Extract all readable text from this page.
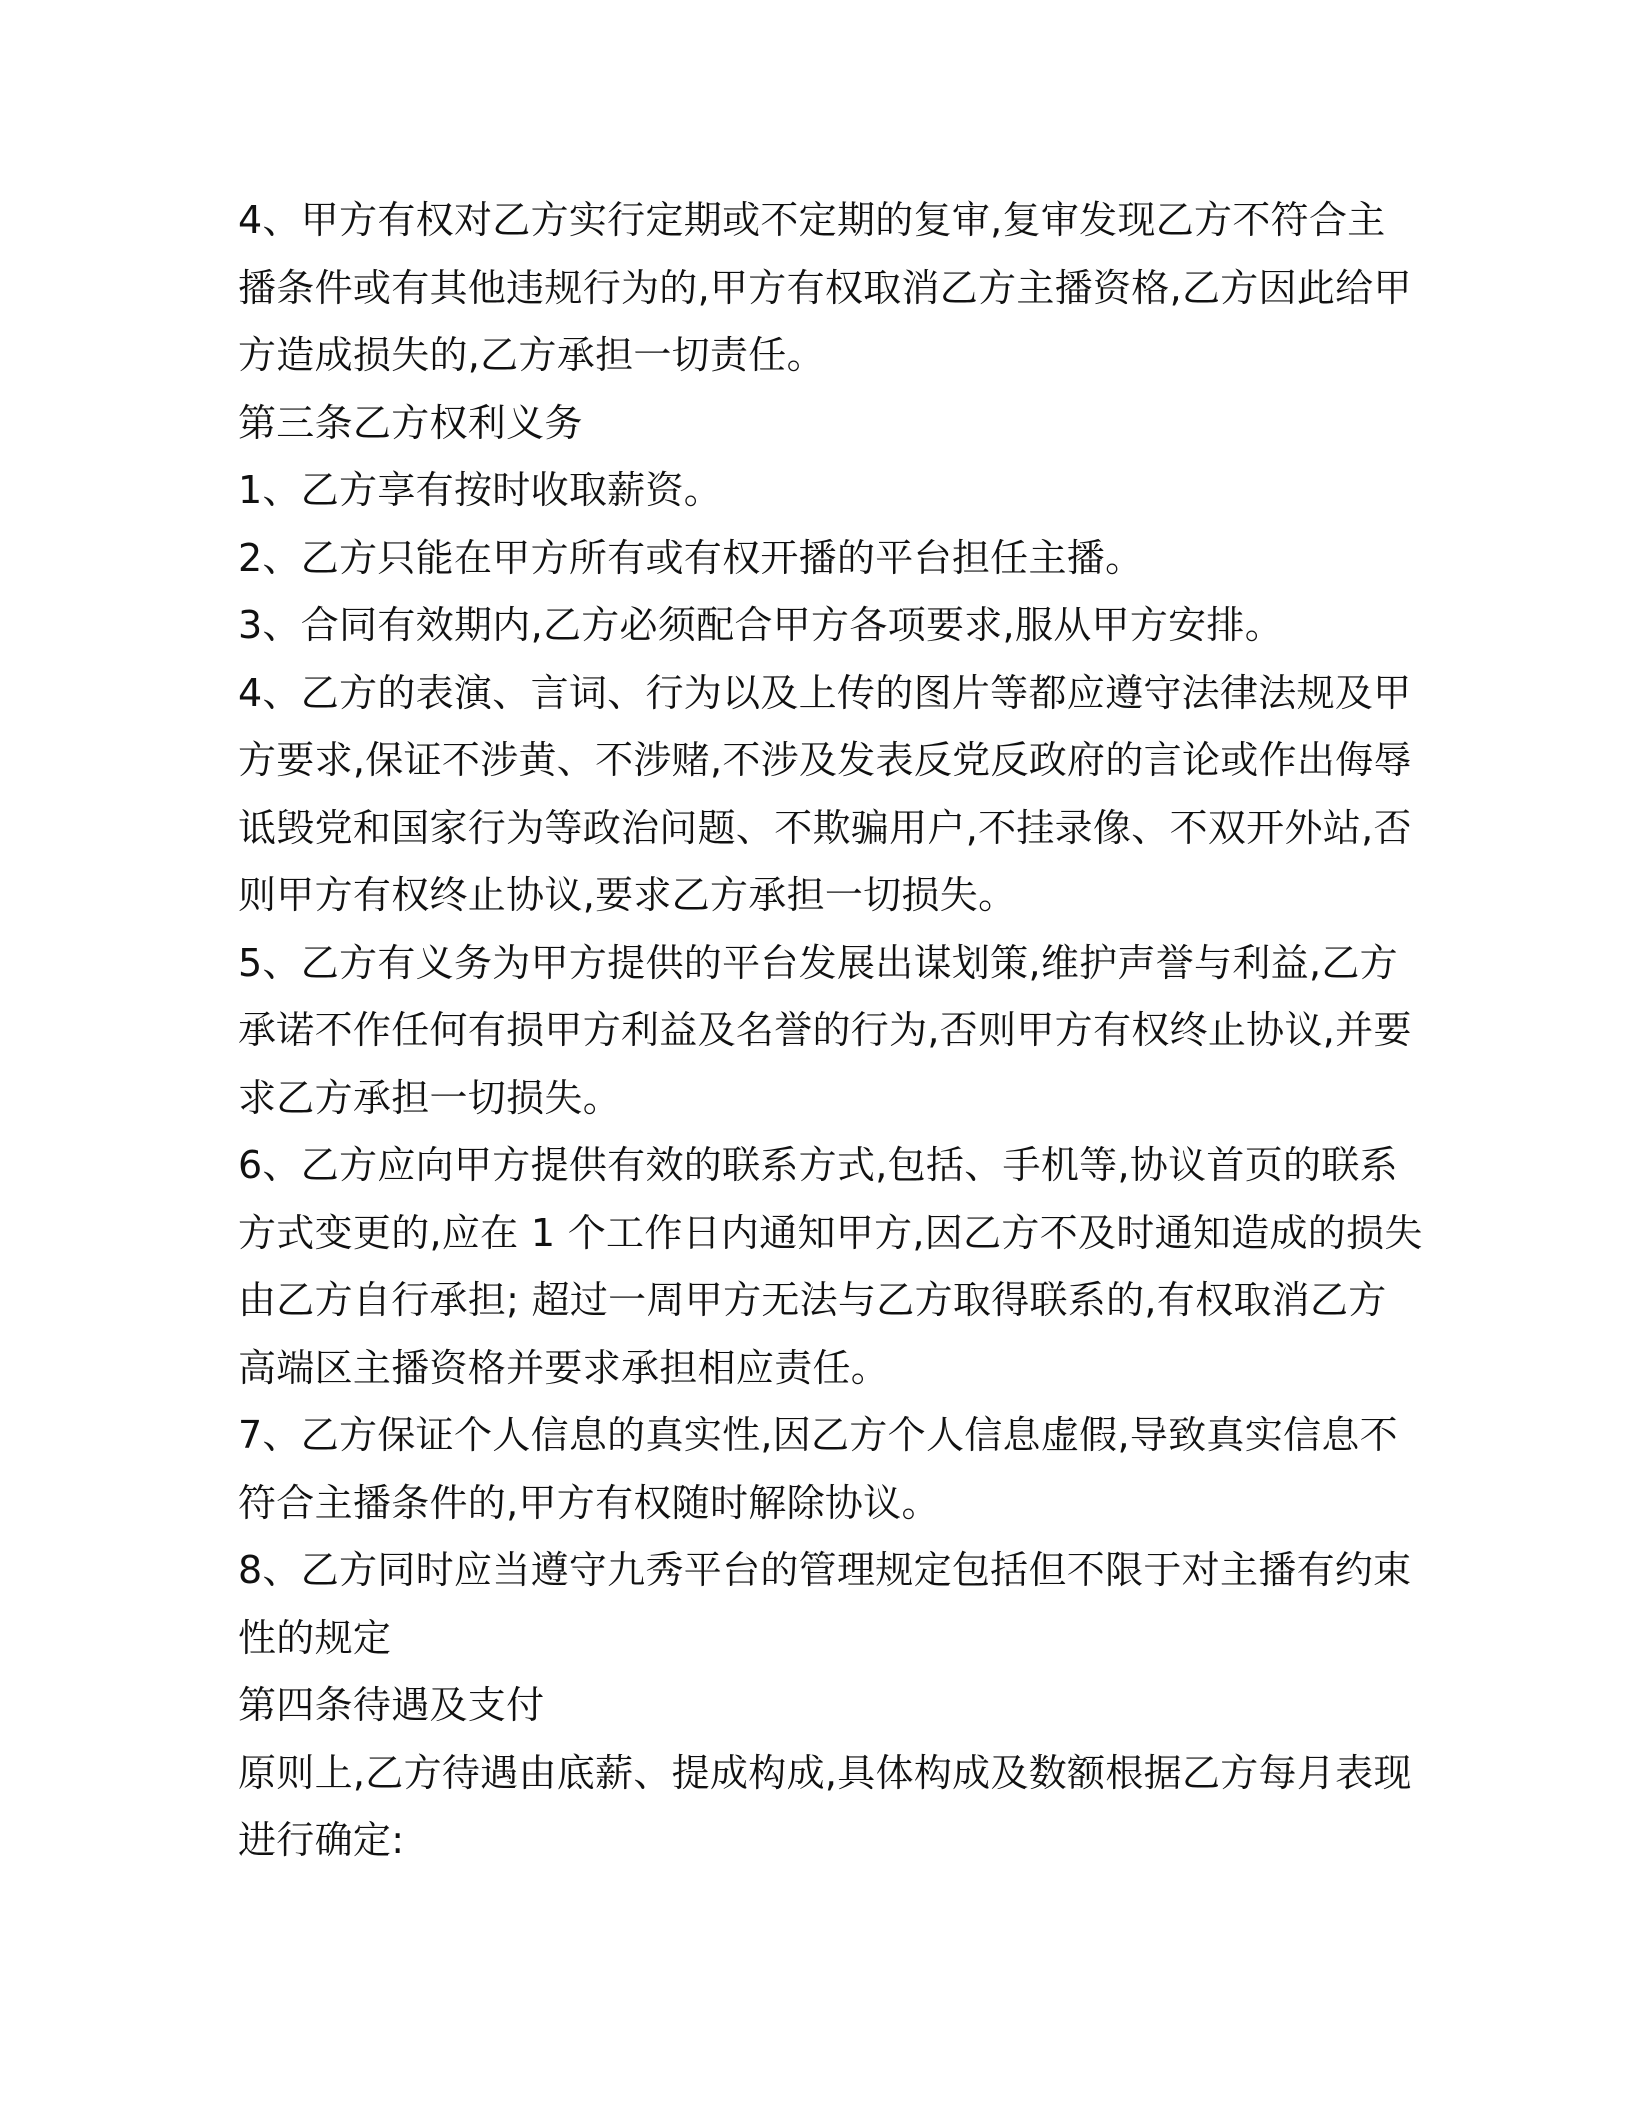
4、甲方有权对乙方实行定期或不定期的复审,复审发现乙方不符合主
播条件或有其他违规行为的,甲方有权取消乙方主播资格,乙方因此给甲
方造成损失的,乙方承担一切责任。
第三条乙方权利义务
1、乙方享有按时收取薪资。
2、乙方只能在甲方所有或有权开播的平台担任主播。
3、合同有效期内,乙方必须配合甲方各项要求,服从甲方安排。
4、乙方的表演、言词、行为以及上传的图片等都应遵守法律法规及甲
方要求,保证不涉黄、不涉赌,不涉及发表反党反政府的言论或作出侮辱
诋毁党和国家行为等政治问题、不欺骗用户,不挂录像、不双开外站,否
则甲方有权终止协议,要求乙方承担一切损失。
5、乙方有义务为甲方提供的平台发展出谋划策,维护声誉与利益,乙方
承诺不作任何有损甲方利益及名誉的行为,否则甲方有权终止协议,并要
求乙方承担一切损失。
6、乙方应向甲方提供有效的联系方式,包括、手机等,协议首页的联系
方式变更的,应在 1 个工作日内通知甲方,因乙方不及时通知造成的损失
由乙方自行承担; 超过一周甲方无法与乙方取得联系的,有权取消乙方
高端区主播资格并要求承担相应责任。
7、乙方保证个人信息的真实性,因乙方个人信息虚假,导致真实信息不
符合主播条件的,甲方有权随时解除协议。
8、乙方同时应当遵守九秀平台的管理规定包括但不限于对主播有约束
性的规定
第四条待遇及支付
原则上,乙方待遇由底薪、提成构成,具体构成及数额根据乙方每月表现
进行确定:
